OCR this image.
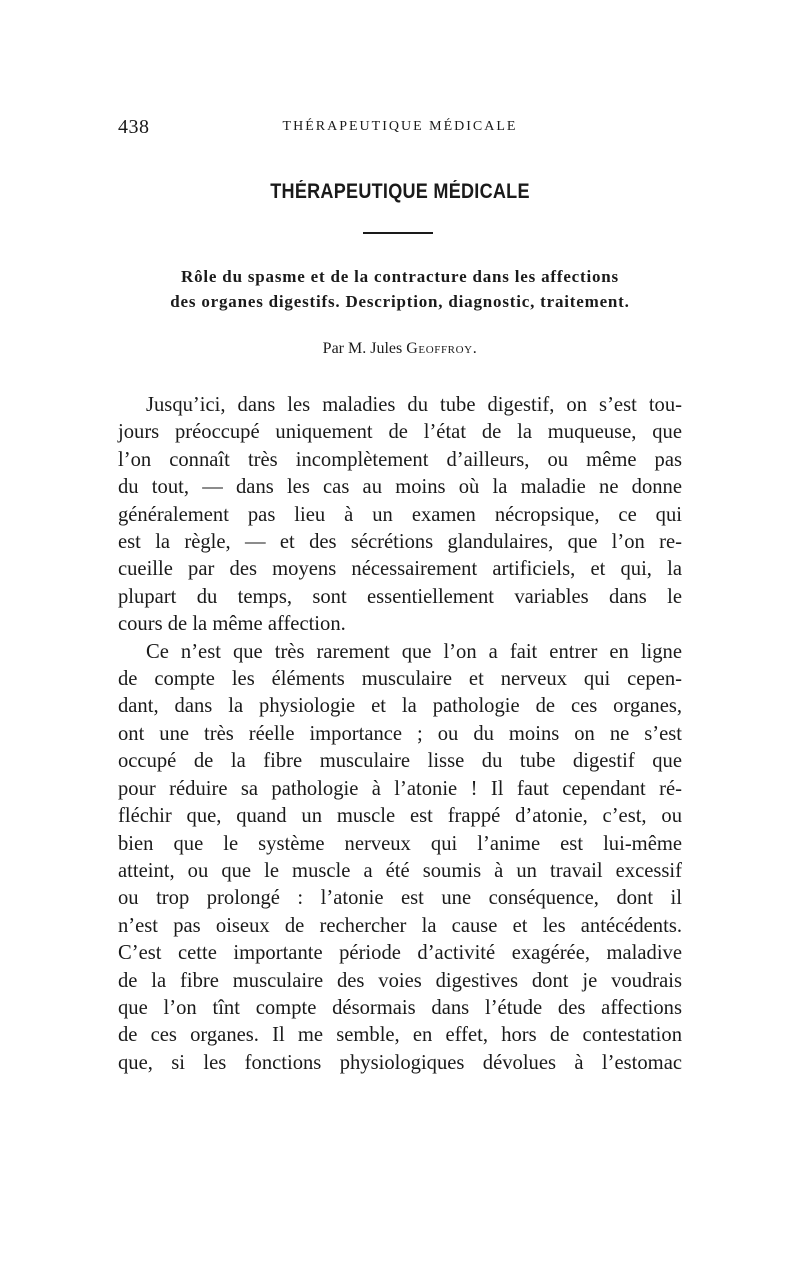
438	THÉRAPEUTIQUE MÉDICALE
THÉRAPEUTIQUE MÉDICALE
Rôle du spasme et de la contracture dans les affections
des organes digestifs. Description, diagnostic, traitement.
Par M. Jules Geoffroy.
Jusqu’ici, dans les maladies du tube digestif, on s’est tou-
jours préoccupé uniquement de l’état de la muqueuse, que
l’on connaît très incomplètement d’ailleurs, ou même pas
du tout, — dans les cas au moins où la maladie ne donne
généralement pas lieu à un examen nécropsique, ce qui
est la règle, — et des sécrétions glandulaires, que l’on re-
cueille par des moyens nécessairement artificiels, et qui, la
plupart du temps, sont essentiellement variables dans le
cours de la même affection.
Ce n’est que très rarement que l’on a fait entrer en ligne
de compte les éléments musculaire et nerveux qui cepen-
dant, dans la physiologie et la pathologie de ces organes,
ont une très réelle importance ; ou du moins on ne s’est
occupé de la fibre musculaire lisse du tube digestif que
pour réduire sa pathologie à l’atonie ! Il faut cependant ré-
fléchir que, quand un muscle est frappé d’atonie, c’est, ou
bien que le système nerveux qui l’anime est lui-même
atteint, ou que le muscle a été soumis à un travail excessif
ou trop prolongé : l’atonie est une conséquence, dont il
n’est pas oiseux de rechercher la cause et les antécédents.
C’est cette importante période d’activité exagérée, maladive
de la fibre musculaire des voies digestives dont je voudrais
que l’on tînt compte désormais dans l’étude des affections
de ces organes. Il me semble, en effet, hors de contestation
que, si les fonctions physiologiques dévolues à l’estomac
